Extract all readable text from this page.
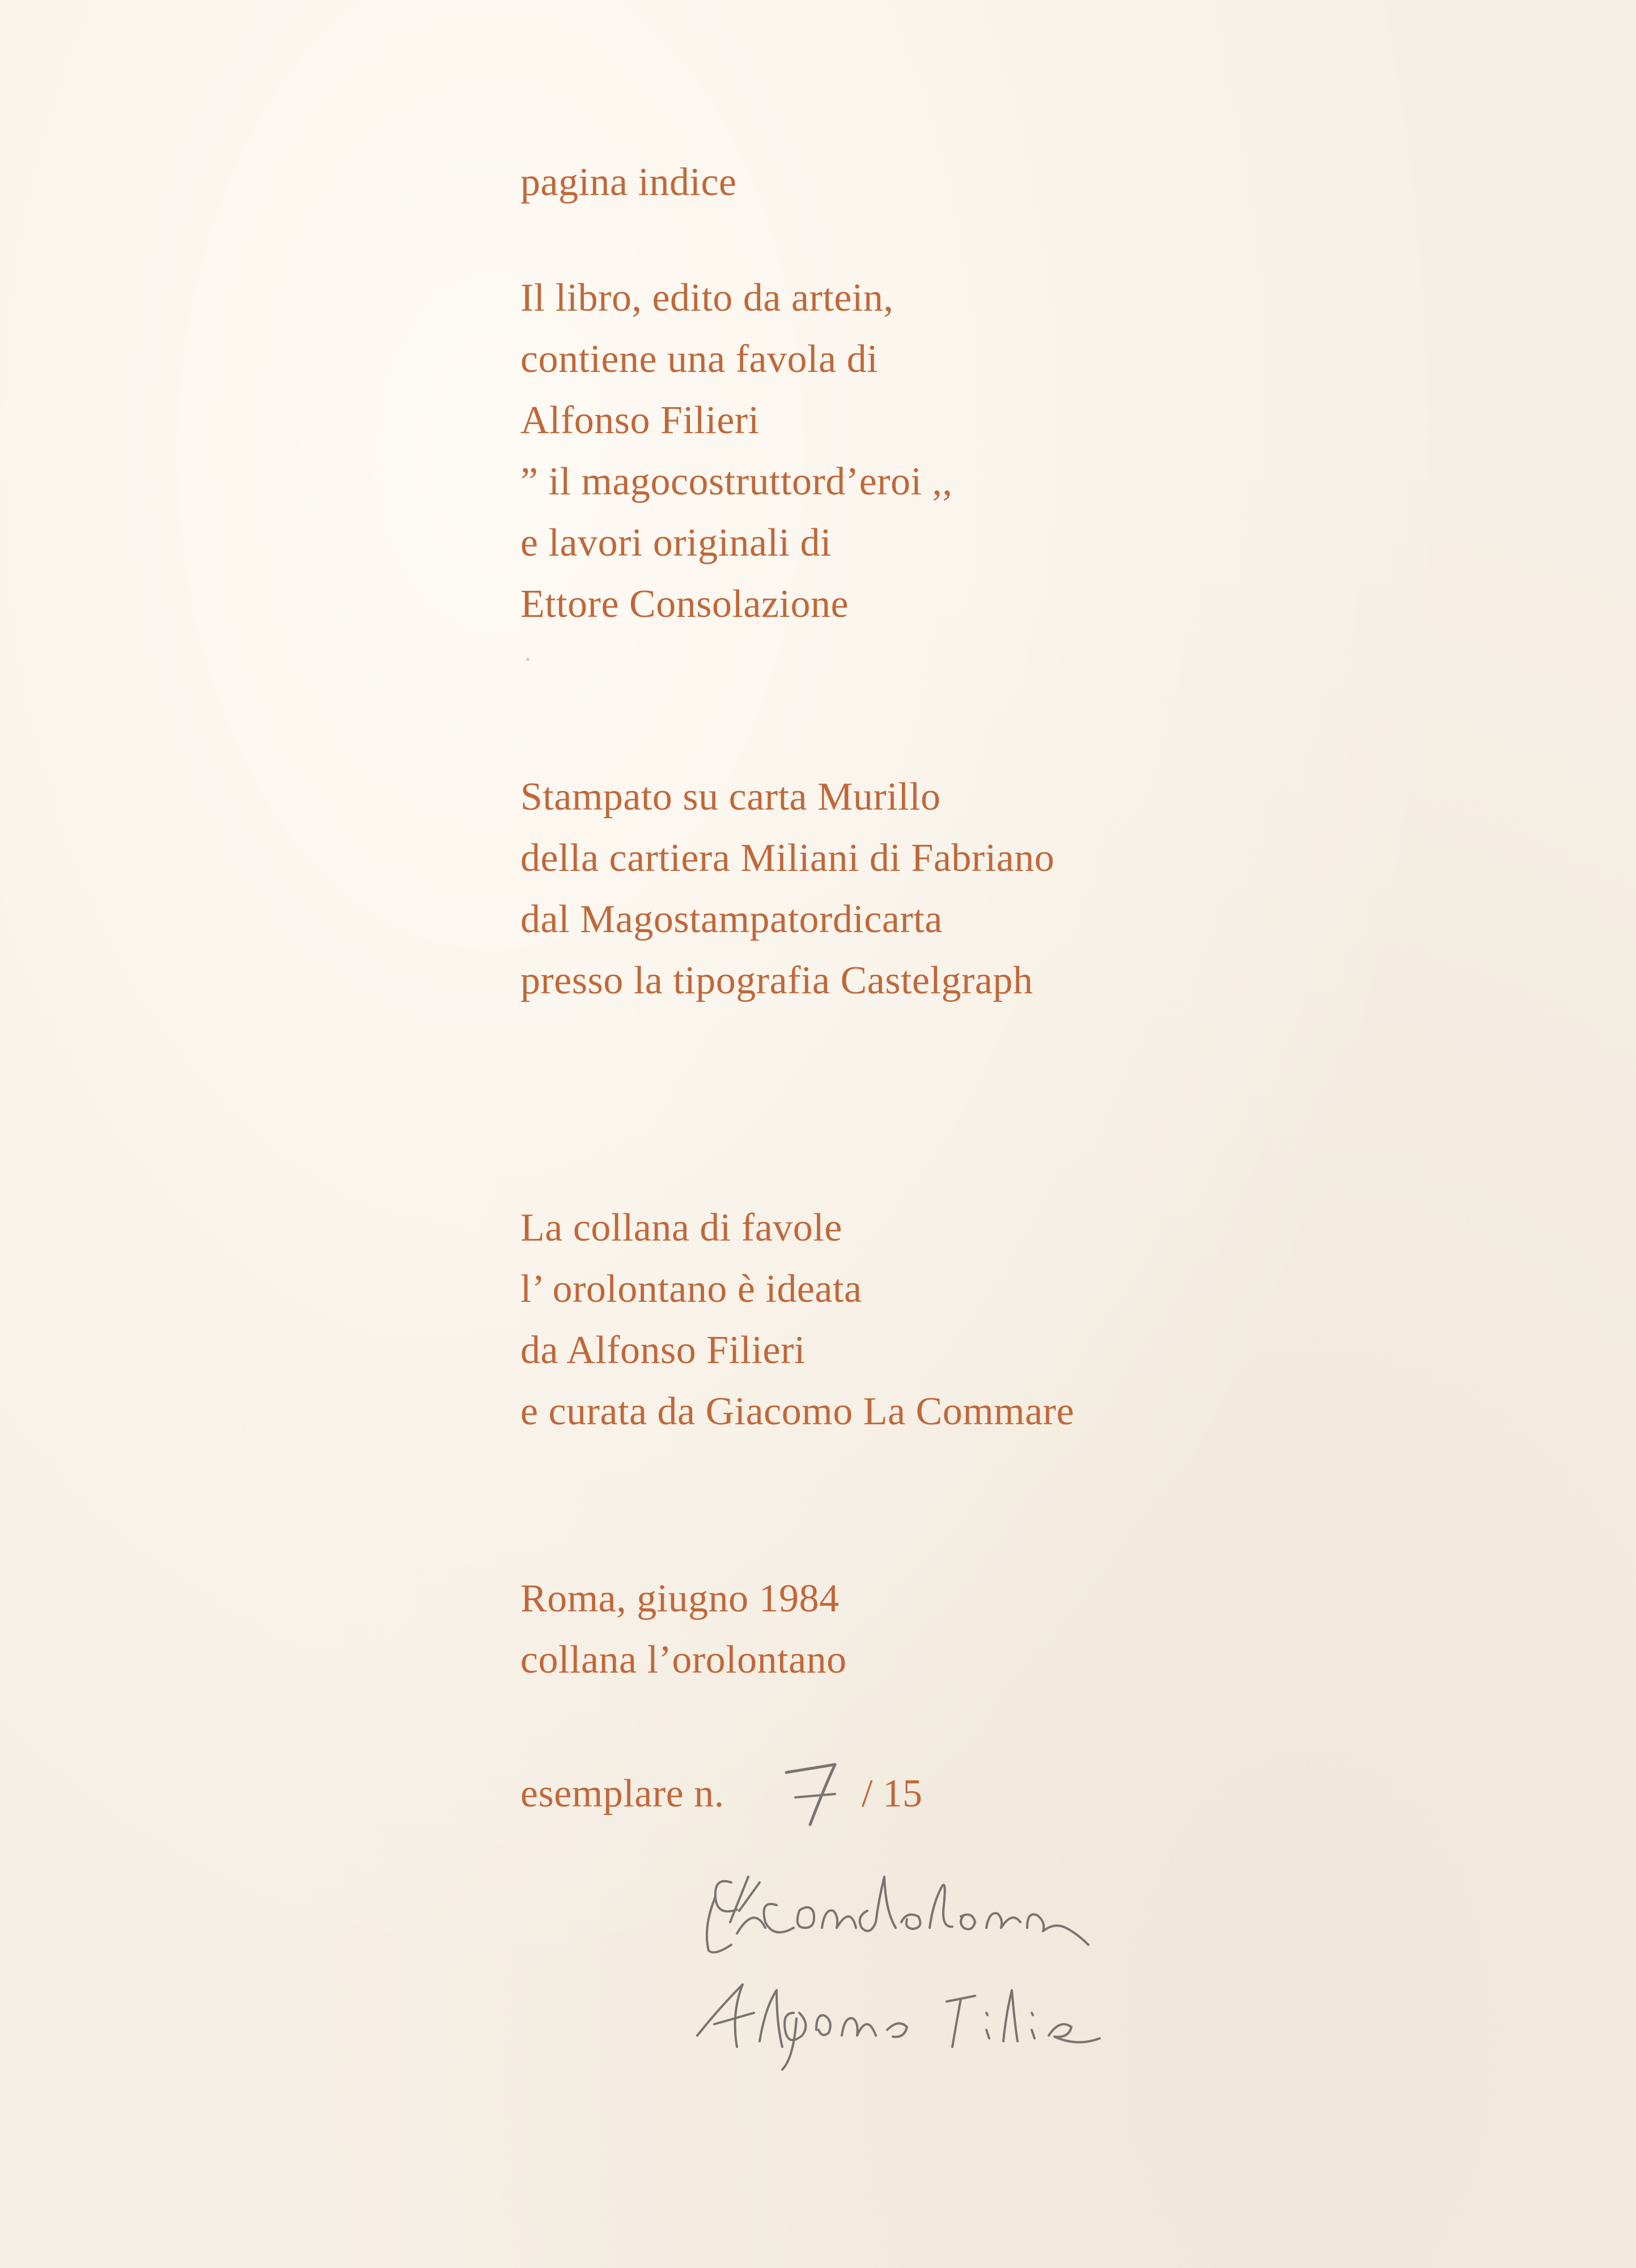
pagina indice
Il libro, edito da artein,
contiene una favola di
Alfonso Filieri
” il magocostruttord’eroi ,,
e lavori originali di
Ettore Consolazione
Stampato su carta Murillo
della cartiera Miliani di Fabriano
dal Magostampatordicarta
presso la tipografia Castelgraph
La collana di favole
l’ orolontano è ideata
da Alfonso Filieri
e curata da Giacomo La Commare
Roma, giugno 1984
collana l’orolontano
esemplare n.	/ 15
